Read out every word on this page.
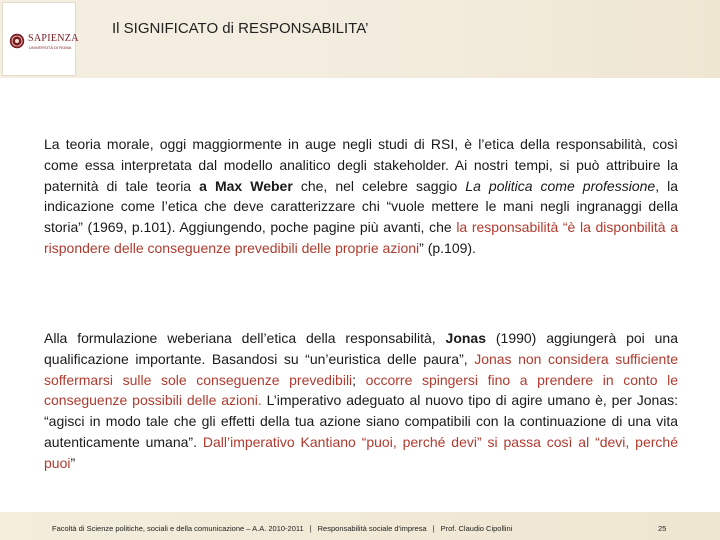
SAPIENZA
UNIVERSITÀ DI ROMA
Il SIGNIFICATO di RESPONSABILITA’
La teoria morale, oggi maggiormente in auge negli studi di RSI, è l’etica della responsabilità, così come essa interpretata dal modello analitico degli stakeholder. Ai nostri tempi, si può attribuire la paternità di tale teoria a Max Weber che, nel celebre saggio La politica come professione, la indicazione come l’etica che deve caratterizzare chi “vuole mettere le mani negli ingranaggi della storia” (1969, p.101). Aggiungendo, poche pagine più avanti, che la responsabilità “è la disponbilità a rispondere delle conseguenze prevedibili delle proprie azioni” (p.109).
Alla formulazione weberiana dell’etica della responsabilità, Jonas (1990) aggiungerà poi una qualificazione importante. Basandosi su “un’euristica delle paura”, Jonas non considera sufficiente soffermarsi sulle sole conseguenze prevedibili; occorre spingersi fino a prendere in conto le conseguenze possibili delle azioni. L’imperativo adeguato al nuovo tipo di agire umano è, per Jonas: “agisci in modo tale che gli effetti della tua azione siano compatibili con la continuazione di una vita autenticamente umana”. Dall’imperativo Kantiano “puoi, perché devi” si passa così al “devi, perché puoi”
Facoltà di Scienze politiche, sociali e della comunicazione – A.A. 2010-2011 | Responsabilità sociale d'impresa | Prof. Claudio Cipollini	25
